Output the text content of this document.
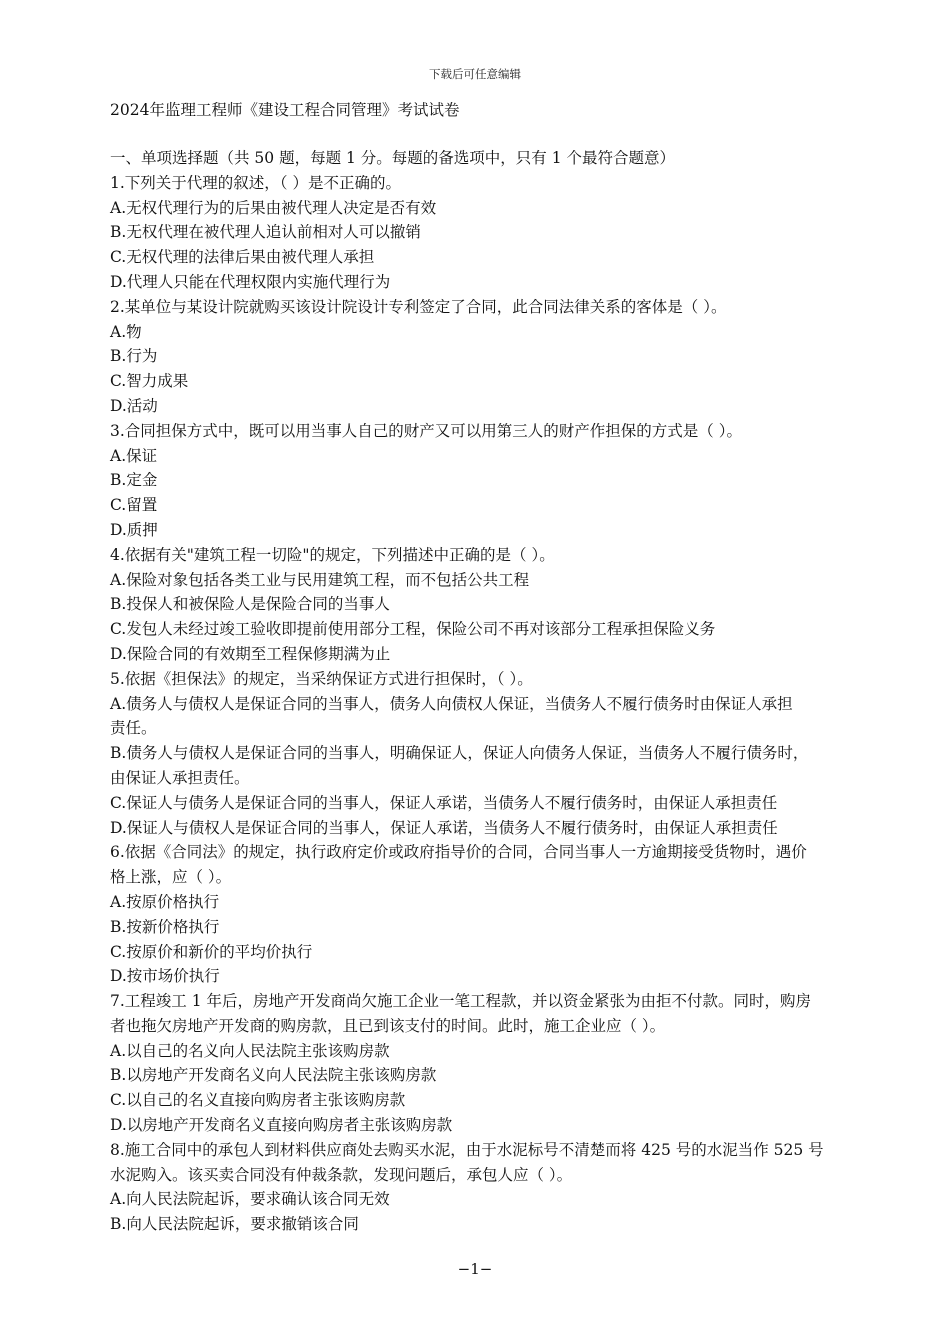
下载后可任意编辑
2024年监理工程师《建设工程合同管理》考试试卷
一、单项选择题（共 50 题，每题 1 分。每题的备选项中，只有 1 个最符合题意）
1.下列关于代理的叙述，（ ）是不正确的。
A.无权代理行为的后果由被代理人决定是否有效
B.无权代理在被代理人追认前相对人可以撤销
C.无权代理的法律后果由被代理人承担
D.代理人只能在代理权限内实施代理行为
2.某单位与某设计院就购买该设计院设计专利签定了合同，此合同法律关系的客体是（ ）。
A.物
B.行为
C.智力成果
D.活动
3.合同担保方式中，既可以用当事人自己的财产又可以用第三人的财产作担保的方式是（ ）。
A.保证
B.定金
C.留置
D.质押
4.依据有关"建筑工程一切险"的规定，下列描述中正确的是（ ）。
A.保险对象包括各类工业与民用建筑工程，而不包括公共工程
B.投保人和被保险人是保险合同的当事人
C.发包人未经过竣工验收即提前使用部分工程，保险公司不再对该部分工程承担保险义务
D.保险合同的有效期至工程保修期满为止
5.依据《担保法》的规定，当采纳保证方式进行担保时，（ ）。
A.债务人与债权人是保证合同的当事人，债务人向债权人保证，当债务人不履行债务时由保证人承担
责任。
B.债务人与债权人是保证合同的当事人，明确保证人，保证人向债务人保证，当债务人不履行债务时，
由保证人承担责任。
C.保证人与债务人是保证合同的当事人，保证人承诺，当债务人不履行债务时，由保证人承担责任
D.保证人与债权人是保证合同的当事人，保证人承诺，当债务人不履行债务时，由保证人承担责任
6.依据《合同法》的规定，执行政府定价或政府指导价的合同，合同当事人一方逾期接受货物时，遇价
格上涨，应（ ）。
A.按原价格执行
B.按新价格执行
C.按原价和新价的平均价执行
D.按市场价执行
7.工程竣工 1 年后，房地产开发商尚欠施工企业一笔工程款，并以资金紧张为由拒不付款。同时，购房
者也拖欠房地产开发商的购房款，且已到该支付的时间。此时，施工企业应（ ）。
A.以自己的名义向人民法院主张该购房款
B.以房地产开发商名义向人民法院主张该购房款
C.以自己的名义直接向购房者主张该购房款
D.以房地产开发商名义直接向购房者主张该购房款
8.施工合同中的承包人到材料供应商处去购买水泥，由于水泥标号不清楚而将 425 号的水泥当作 525 号
水泥购入。该买卖合同没有仲裁条款，发现问题后，承包人应（ ）。
A.向人民法院起诉，要求确认该合同无效
B.向人民法院起诉，要求撤销该合同
−1−
